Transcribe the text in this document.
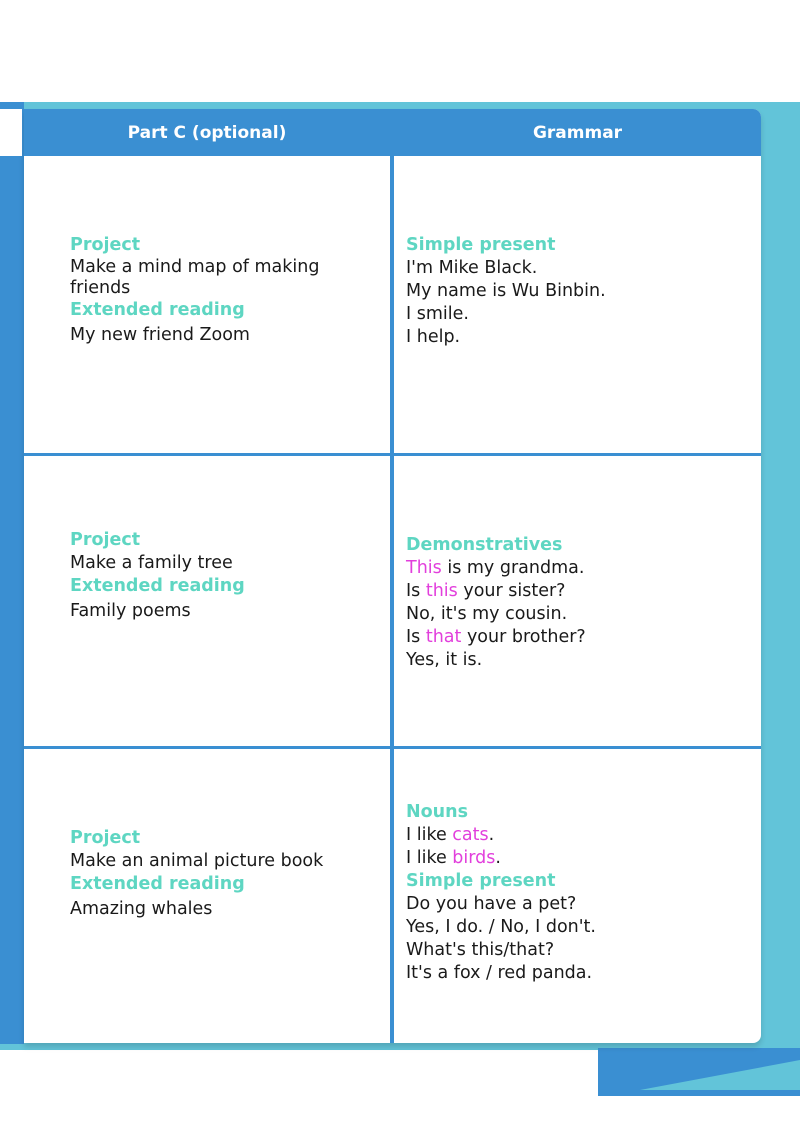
Part C (optional)	Grammar
Project
Make a mind map of making friends
Extended reading
My new friend Zoom
Simple present
I'm Mike Black.
My name is Wu Binbin.
I smile.
I help.
Project
Make a family tree
Extended reading
Family poems
Demonstratives
This is my grandma.
Is this your sister?
No, it's my cousin.
Is that your brother?
Yes, it is.
Project
Make an animal picture book
Extended reading
Amazing whales
Nouns
I like cats.
I like birds.
Simple present
Do you have a pet?
Yes, I do. / No, I don't.
What's this/that?
It's a fox / red panda.
